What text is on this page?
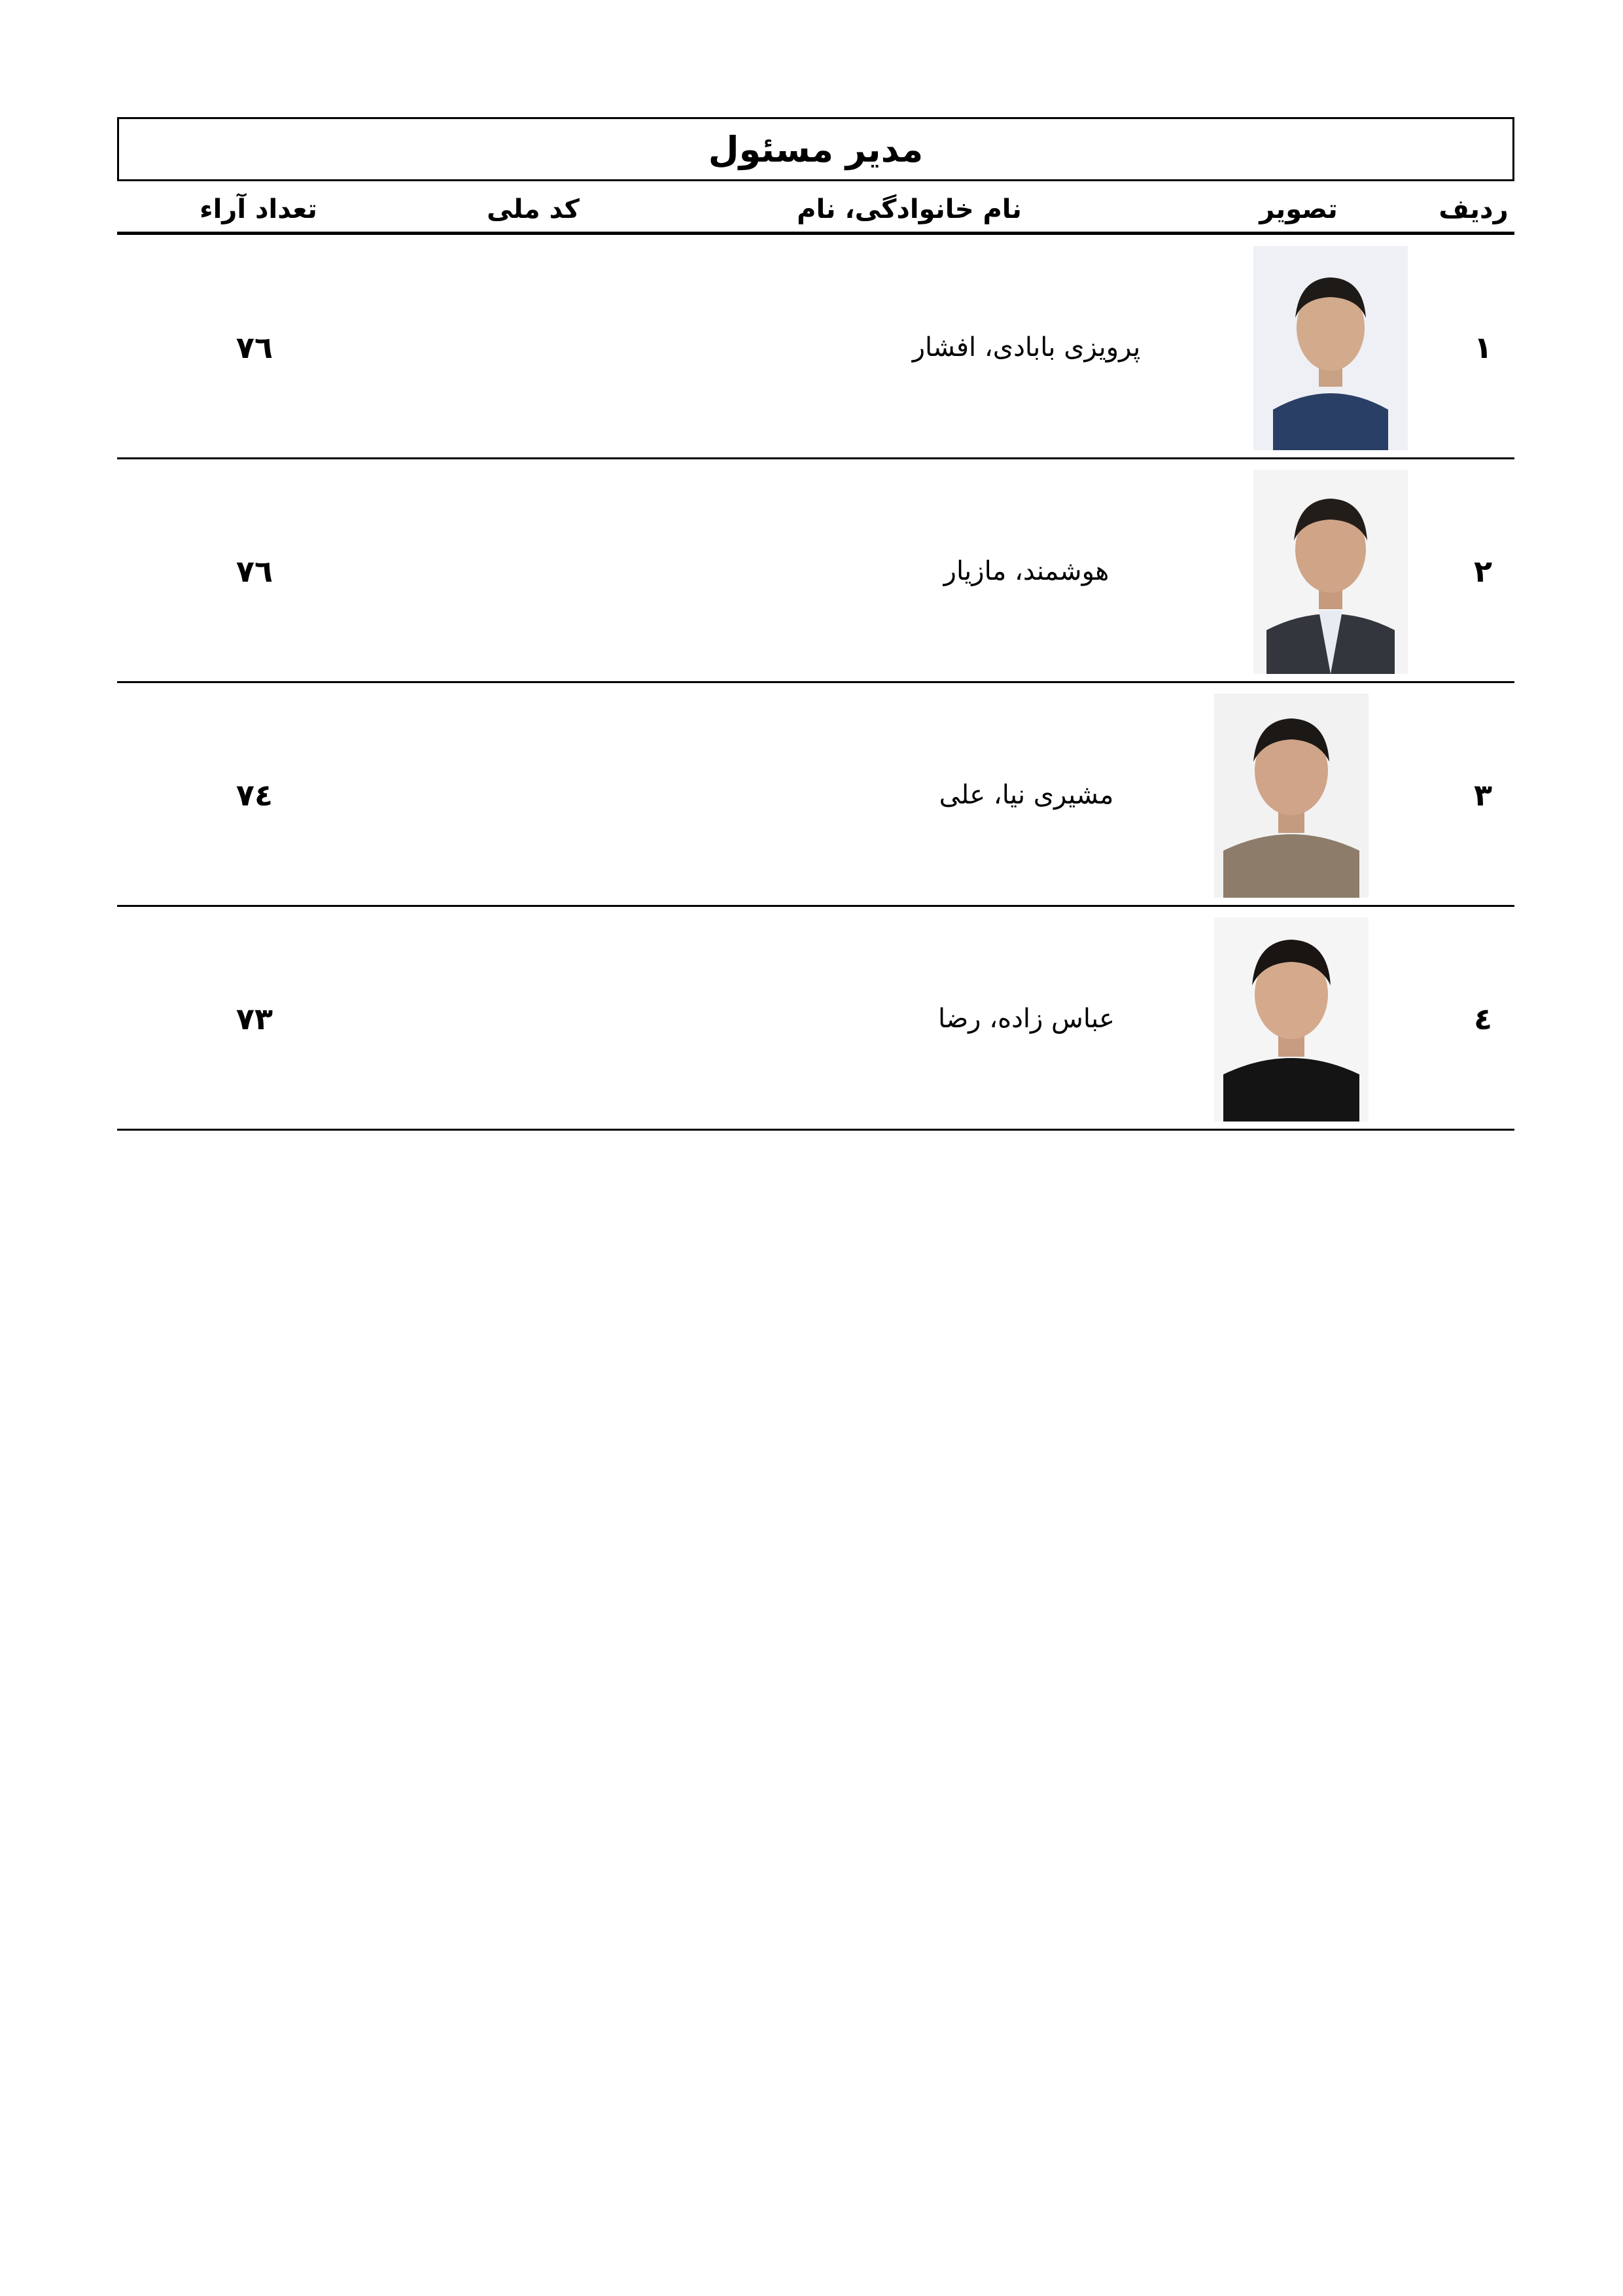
مدیر مسئول
ردیف
تصویر
نام خانوادگی، نام
کد ملی
تعداد آراء
١
پرویزی بابادی، افشار
٧٦
٢
هوشمند، مازیار
٧٦
٣
مشیری نیا، علی
٧٤
٤
عباس زاده، رضا
٧٣
